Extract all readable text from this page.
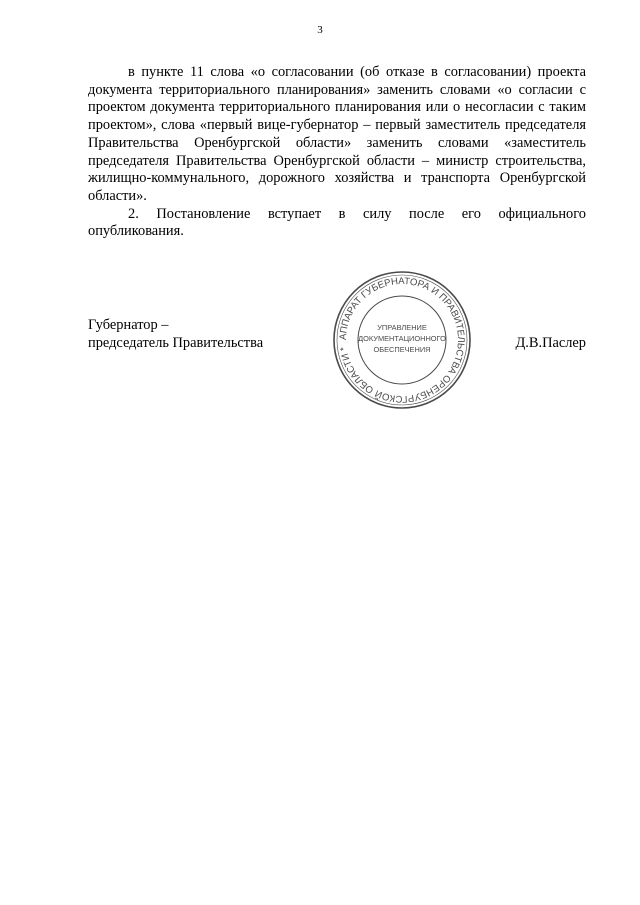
3

в пункте 11 слова «о согласовании (об отказе в согласовании) проекта документа территориального планирования» заменить словами «о согласии с проектом документа территориального планирования или о несогласии с таким проектом», слова «первый вице-губернатор – первый заместитель председателя Правительства Оренбургской области» заменить словами «заместитель председателя Правительства Оренбургской области – министр строительства, жилищно-коммунального, дорожного хозяйства и транспорта Оренбургской области».

2. Постановление вступает в силу после его официального опубликования.

Губернатор –
председатель Правительства	АППАРАТ ГУБЕРНАТОРА И ПРАВИТЕЛЬСТВА ОРЕНБУРГСКОЙ ОБЛАСТИ *
УПРАВЛЕНИЕ
ДОКУМЕНТАЦИОННОГО
ОБЕСПЕЧЕНИЯ	Д.В.Паслер
